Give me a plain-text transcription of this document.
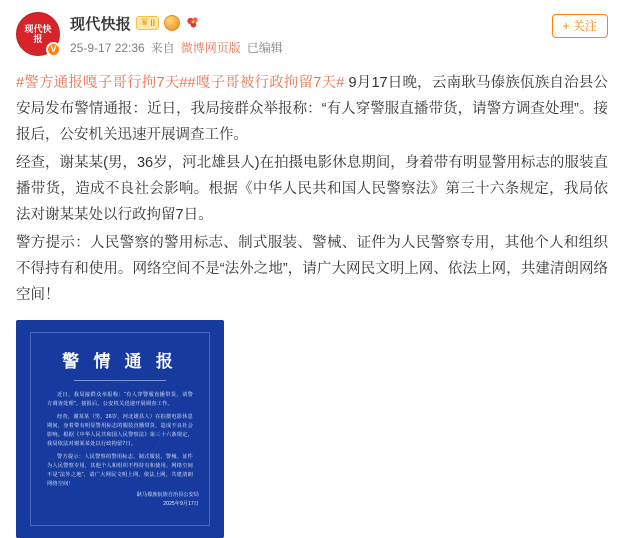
现代快报
V
现代快报 ♛ II
25-9-17 22:36 来自 微博网页版 已编辑
+ 关注

#警方通报嘎子哥行拘7天##嘎子哥被行政拘留7天# 9月17日晚，云南耿马傣族佤族自治县公安局发布警情通报：近日，我局接群众举报称：“有人穿警服直播带货，请警方调查处理”。接报后，公安机关迅速开展调查工作。

经查，谢某某(男，36岁，河北雄县人)在拍摄电影休息期间，身着带有明显警用标志的服装直播带货，造成不良社会影响。根据《中华人民共和国人民警察法》第三十六条规定，我局依法对谢某某处以行政拘留7日。

警方提示：人民警察的警用标志、制式服装、警械、证件为人民警察专用，其他个人和组织不得持有和使用。网络空间不是“法外之地”，请广大网民文明上网、依法上网，共建清朗网络空间！

警 情 通 报

近日，我局接群众举报称：“有人穿警服直播带货，请警方调查处理”。接报后，公安机关迅速开展调查工作。

经查，谢某某（男，36岁，河北雄县人）在拍摄电影休息期间，身着带有明显警用标志的服装直播带货，造成不良社会影响。根据《中华人民共和国人民警察法》第三十六条规定，我局依法对谢某某处以行政拘留7日。

警方提示：人民警察的警用标志、制式服装、警械、证件为人民警察专用，其他个人和组织不得持有和使用。网络空间不是“法外之地”，请广大网民文明上网、依法上网，共建清朗网络空间！

耿马傣族佤族自治县公安局
2025年9月17日
